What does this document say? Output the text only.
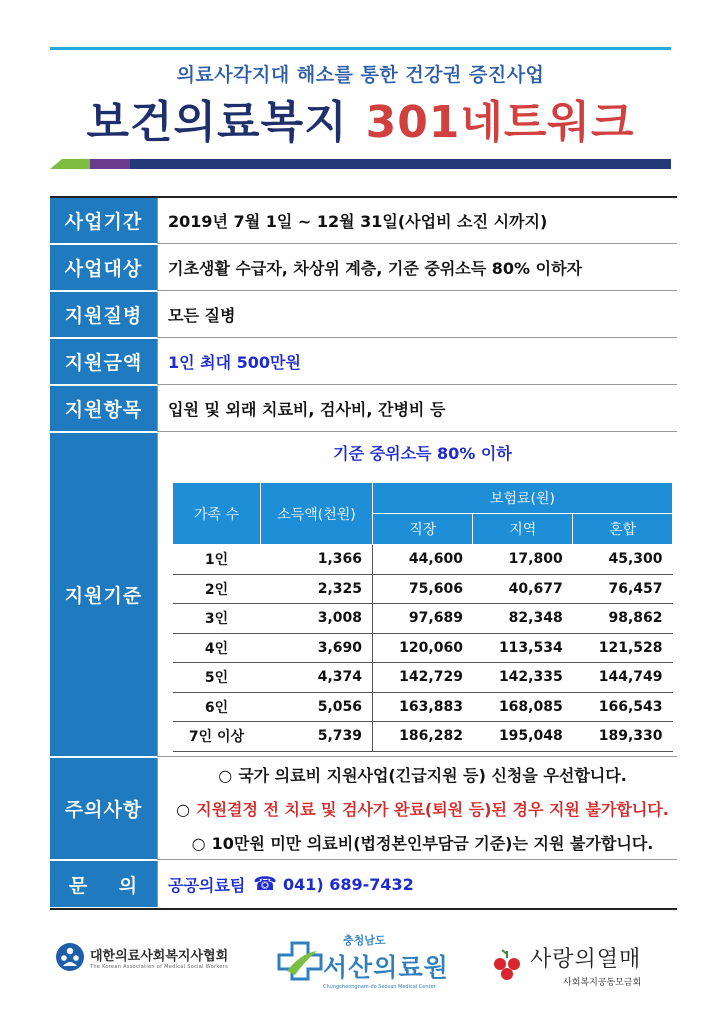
의료사각지대 해소를 통한 건강권 증진사업
보건의료복지 301네트워크
사업기간	2019년 7월 1일 ~ 12월 31일(사업비 소진 시까지)
사업대상	기초생활 수급자, 차상위 계층, 기준 중위소득 80% 이하자
지원질병	모든 질병
지원금액	1인 최대 500만원
지원항목	입원 및 외래 치료비, 검사비, 간병비 등
지원기준
기준 중위소득 80% 이하
가족 수	소득액(천원)	보험료(원)		
		직장	지역	혼합
1인	1,366	44,600	17,800	45,300
2인	2,325	75,606	40,677	76,457
3인	3,008	97,689	82,348	98,862
4인	3,690	120,060	113,534	121,528
5인	4,374	142,729	142,335	144,749
6인	5,056	163,883	168,085	166,543
7인 이상	5,739	186,282	195,048	189,330
주의사항
○ 국가 의료비 지원사업(긴급지원 등) 신청을 우선합니다.
○ 지원결정 전 치료 및 검사가 완료(퇴원 등)된 경우 지원 불가합니다.
○ 10만원 미만 의료비(법정본인부담금 기준)는 지원 불가합니다.
문    의	공공의료팀 ☎ 041) 689-7432
대한의료사회복지사협회
The Korean Association of Medical Social Workers
충청남도
서산의료원
Chungcheongnam-do Seosan Medical Center
사랑의열매
사회복지공동모금회
